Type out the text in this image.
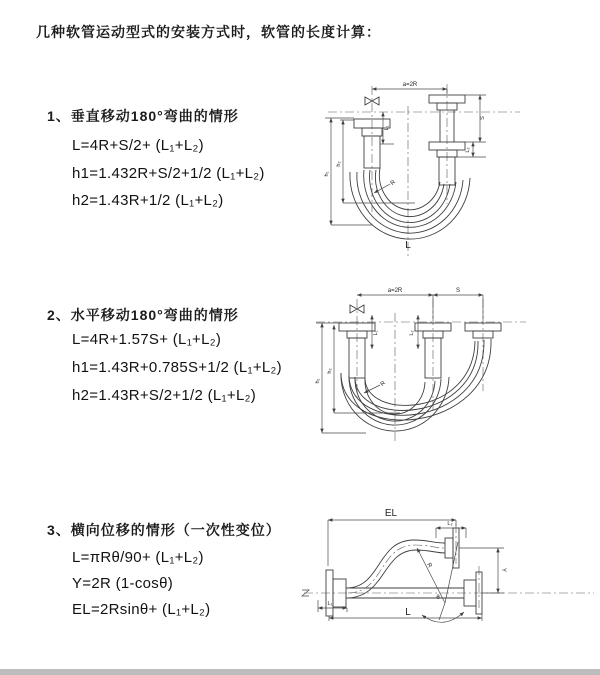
几种软管运动型式的安装方式时，软管的长度计算：
1、垂直移动180°弯曲的情形
L=4R+S/2+ (L₁+L₂)
h1=1.432R+S/2+1/2 (L₁+L₂)
h2=1.43R+1/2 (L₁+L₂)
2、水平移动180°弯曲的情形
L=4R+1.57S+ (L₁+L₂)
h1=1.43R+0.785S+1/2 (L₁+L₂)
h2=1.43R+S/2+1/2 (L₁+L₂)
3、横向位移的情形（一次性变位）
L=πRθ/90+ (L₁+L₂)
Y=2R (1-cosθ)
EL=2Rsinθ+ (L₁+L₂)
a=2R
h₁
h₂
L₁
S
L₂
R
L
a=2R	S
h₁
h₂
L₁	L₂
R
EL
L₂
R
θ
Y
L₁
L
